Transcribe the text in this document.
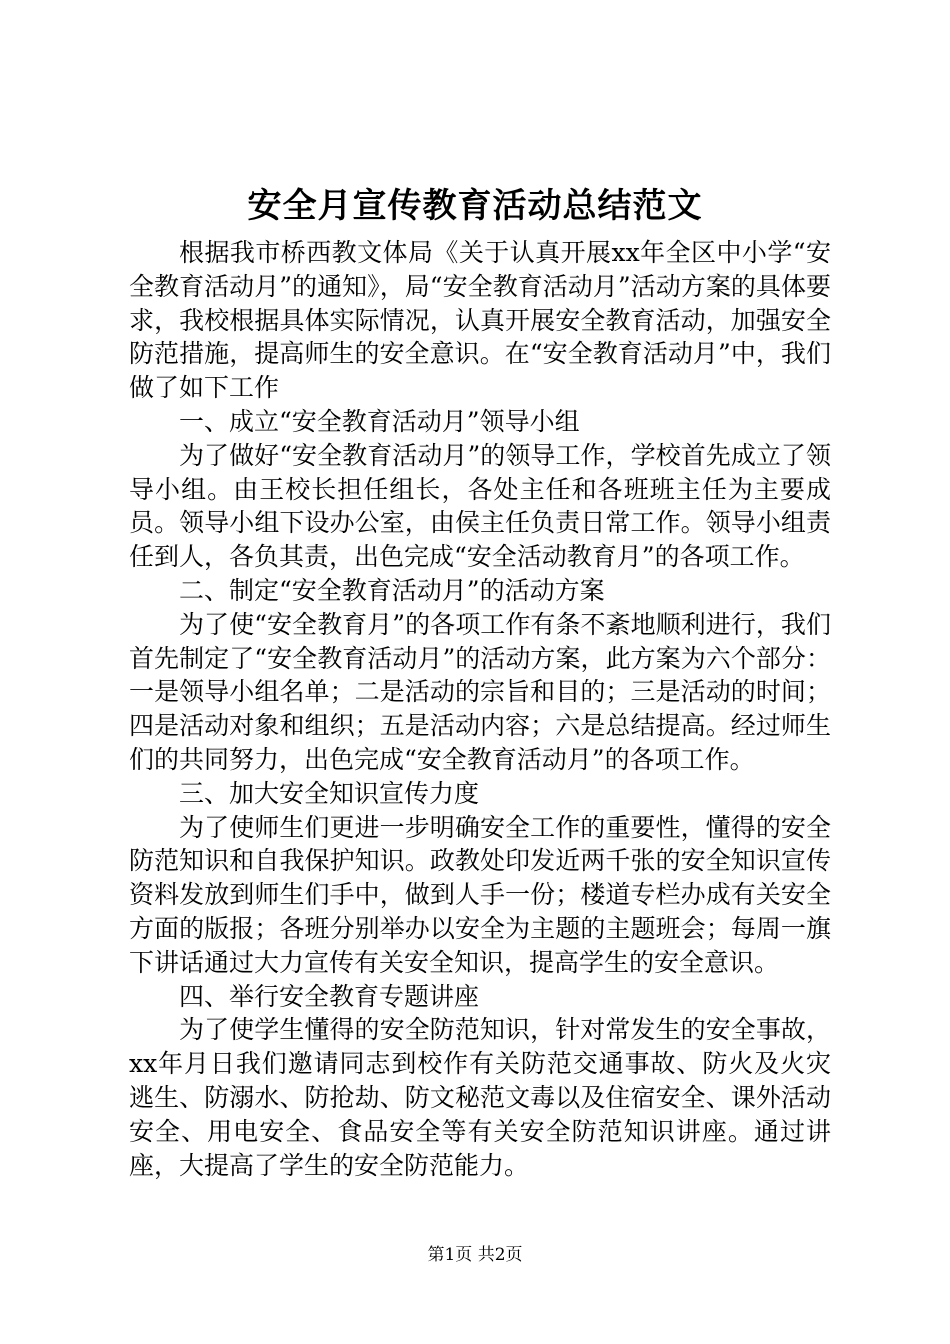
安全月宣传教育活动总结范文

根据我市桥西教文体局《关于认真开展xx年全区中小学“安全教育活动月”的通知》，局“安全教育活动月”活动方案的具体要求，我校根据具体实际情况，认真开展安全教育活动，加强安全防范措施，提高师生的安全意识。在“安全教育活动月”中，我们做了如下工作

一、成立“安全教育活动月”领导小组

为了做好“安全教育活动月”的领导工作，学校首先成立了领导小组。由王校长担任组长，各处主任和各班班主任为主要成员。领导小组下设办公室，由侯主任负责日常工作。领导小组责任到人，各负其责，出色完成“安全活动教育月”的各项工作。

二、制定“安全教育活动月”的活动方案

为了使“安全教育月”的各项工作有条不紊地顺利进行，我们首先制定了“安全教育活动月”的活动方案，此方案为六个部分：一是领导小组名单；二是活动的宗旨和目的；三是活动的时间；四是活动对象和组织；五是活动内容；六是总结提高。经过师生们的共同努力，出色完成“安全教育活动月”的各项工作。

三、加大安全知识宣传力度

为了使师生们更进一步明确安全工作的重要性，懂得的安全防范知识和自我保护知识。政教处印发近两千张的安全知识宣传资料发放到师生们手中，做到人手一份；楼道专栏办成有关安全方面的版报；各班分别举办以安全为主题的主题班会；每周一旗下讲话通过大力宣传有关安全知识，提高学生的安全意识。

四、举行安全教育专题讲座

为了使学生懂得的安全防范知识，针对常发生的安全事故，xx年月日我们邀请同志到校作有关防范交通事故、防火及火灾逃生、防溺水、防抢劫、防文秘范文毒以及住宿安全、课外活动安全、用电安全、食品安全等有关安全防范知识讲座。通过讲座，大提高了学生的安全防范能力。

第1页 共2页
